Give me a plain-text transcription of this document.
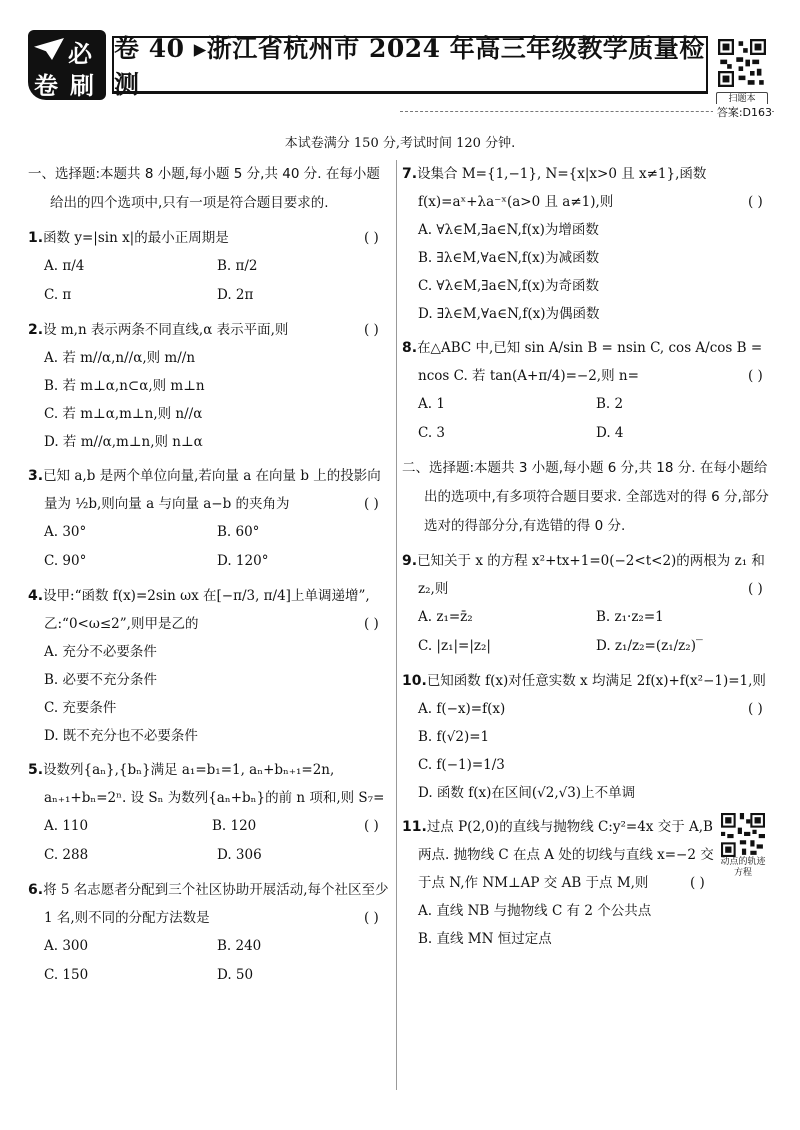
必
卷 刷
卷 40 ▸浙江省杭州市 2024 年高三年级教学质量检测
扫题本
答案:D163
本试卷满分 150 分,考试时间 120 分钟.
一、选择题:本题共 8 小题,每小题 5 分,共 40 分. 在每小题给出的四个选项中,只有一项是符合题目要求的.
1.函数 y=|sin x|的最小正周期是	( )
A. π/4	B. π/2
C. π	D. 2π
2.设 m,n 表示两条不同直线,α 表示平面,则	( )
A. 若 m//α,n//α,则 m//n
B. 若 m⊥α,n⊂α,则 m⊥n
C. 若 m⊥α,m⊥n,则 n//α
D. 若 m//α,m⊥n,则 n⊥α
3.已知 a,b 是两个单位向量,若向量 a 在向量 b 上的投影向量为 ½b,则向量 a 与向量 a−b 的夹角为	( )
A. 30°	B. 60°
C. 90°	D. 120°
4.设甲:“函数 f(x)=2sin ωx 在[−π/3, π/4]上单调递增”, 乙:“0<ω≤2”,则甲是乙的	( )
A. 充分不必要条件
B. 必要不充分条件
C. 充要条件
D. 既不充分也不必要条件
5.设数列{aₙ},{bₙ}满足 a₁=b₁=1, aₙ+bₙ₊₁=2n, aₙ₊₁+bₙ=2ⁿ. 设 Sₙ 为数列{aₙ+bₙ}的前 n 项和,则 S₇=
( )
A. 110	B. 120
C. 288	D. 306
6.将 5 名志愿者分配到三个社区协助开展活动,每个社区至少 1 名,则不同的分配方法数是	( )
A. 300	B. 240
C. 150	D. 50
7.设集合 M={1,−1}, N={x|x>0 且 x≠1},函数 f(x)=aˣ+λa⁻ˣ(a>0 且 a≠1),则	( )
A. ∀λ∈M,∃a∈N,f(x)为增函数
B. ∃λ∈M,∀a∈N,f(x)为减函数
C. ∀λ∈M,∃a∈N,f(x)为奇函数
D. ∃λ∈M,∀a∈N,f(x)为偶函数
8.在△ABC 中,已知 sin A/sin B = nsin C, cos A/cos B = ncos C. 若 tan(A+π/4)=−2,则 n=	( )
A. 1	B. 2
C. 3	D. 4
二、选择题:本题共 3 小题,每小题 6 分,共 18 分. 在每小题给出的选项中,有多项符合题目要求. 全部选对的得 6 分,部分选对的得部分分,有选错的得 0 分.
9.已知关于 x 的方程 x²+tx+1=0(−2<t<2)的两根为 z₁ 和 z₂,则	( )
A. z₁=z̄₂	B. z₁·z₂=1
C. |z₁|=|z₂|	D. z₁/z₂=(z₁/z₂)‾
10.已知函数 f(x)对任意实数 x 均满足 2f(x)+f(x²−1)=1,则
( )
A. f(−x)=f(x)
B. f(√2)=1
C. f(−1)=1/3
D. 函数 f(x)在区间(√2,√3)上不单调
11.过点 P(2,0)的直线与抛物线 C:y²=4x 交于 A,B 两点. 抛物线 C 在点 A 处的切线与直线 x=−2 交于点 N,作 NM⊥AP 交 AB 于点 M,则	( )
A. 直线 NB 与抛物线 C 有 2 个公共点
B. 直线 MN 恒过定点
动点的轨迹方程
